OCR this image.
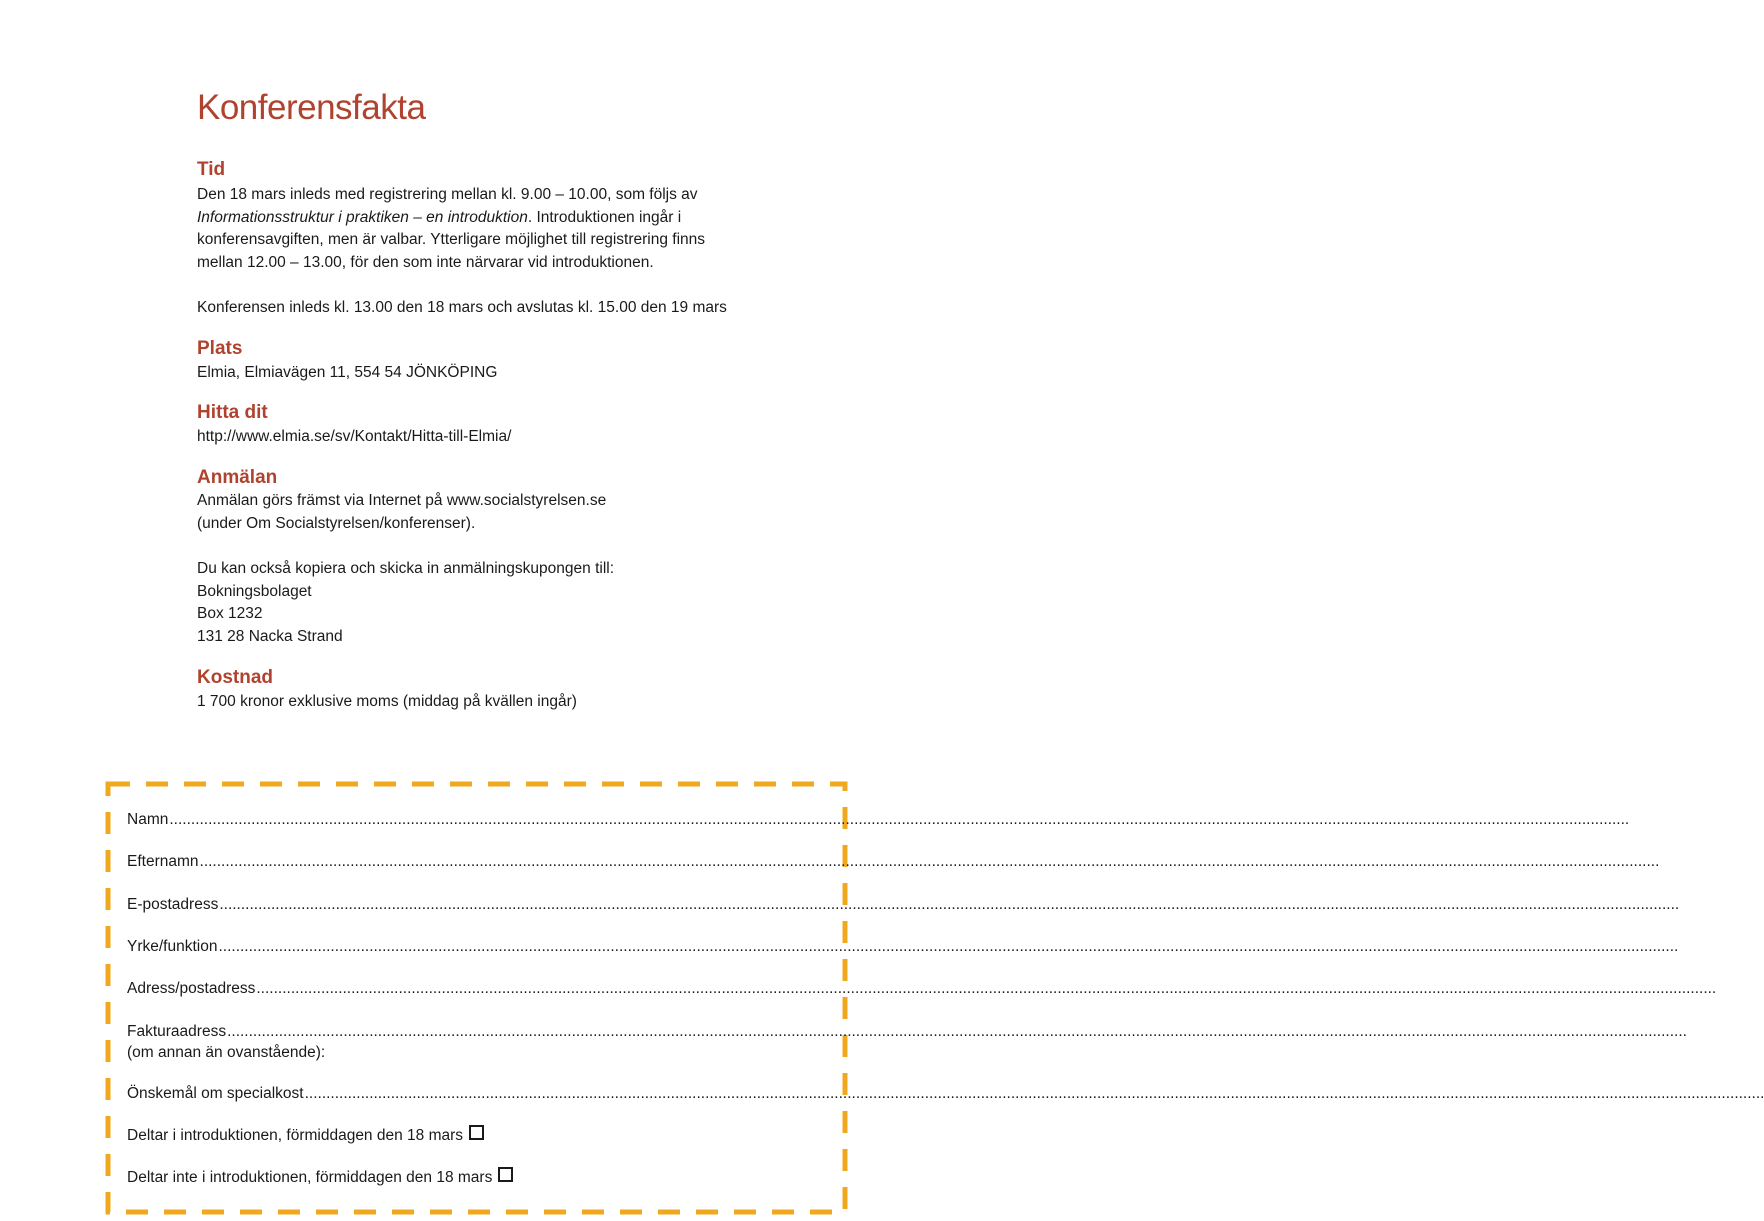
Konferensfakta
Tid

Den 18 mars inleds med registrering mellan kl. 9.00 – 10.00, som följs av
Informationsstruktur i praktiken – en introduktion. Introduktionen ingår i
konferensavgiften, men är valbar. Ytterligare möjlighet till registrering finns
mellan 12.00 – 13.00, för den som inte närvarar vid introduktionen.

Konferensen inleds kl. 13.00 den 18 mars och avslutas kl. 15.00 den 19 mars

Plats

Elmia, Elmiavägen 11, 554 54 JÖNKÖPING

Hitta dit

http://www.elmia.se/sv/Kontakt/Hitta-till-Elmia/

Anmälan

Anmälan görs främst via Internet på www.socialstyrelsen.se
(under Om Socialstyrelsen/konferenser).

Du kan också kopiera och skicka in anmälningskupongen till:
Bokningsbolaget
Box 1232
131 28 Nacka Strand

Kostnad

1 700 kronor exklusive moms (middag på kvällen ingår)

Namn ...................................................................................................................................................................................................................................................................................................................................................
Efternamn ...................................................................................................................................................................................................................................................................................................................................................
E-postadress ...................................................................................................................................................................................................................................................................................................................................................
Yrke/funktion ...................................................................................................................................................................................................................................................................................................................................................
Adress/postadress ...................................................................................................................................................................................................................................................................................................................................................
Fakturaadress ...................................................................................................................................................................................................................................................................................................................................................
(om annan än ovanstående):
Önskemål om specialkost ...................................................................................................................................................................................................................................................................................................................................................
Deltar i introduktionen, förmiddagen den 18 mars
Deltar inte i introduktionen, förmiddagen den 18 mars
